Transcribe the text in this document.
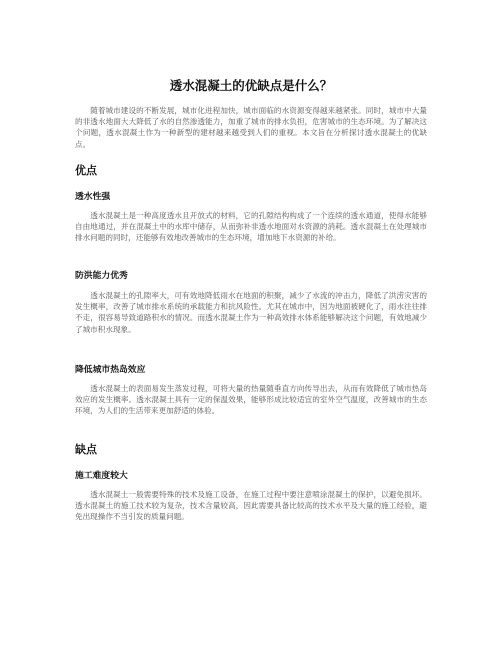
透水混凝土的优缺点是什么？

随着城市建设的不断发展，城市化进程加快，城市面临的水资源变得越来越紧张。同时，城市中大量的非透水地面大大降低了水的自然渗透能力，加重了城市的排水负担，危害城市的生态环境。为了解决这个问题，透水混凝土作为一种新型的建材越来越受到人们的重视。本文旨在分析探讨透水混凝土的优缺点。

优点
透水性强

透水混凝土是一种高度透水且开放式的材料，它的孔隙结构构成了一个连续的透水通道，使得水能够自由地通过，并在混凝土中的水库中储存，从而弥补非透水地面对水资源的消耗。透水混凝土在处理城市排水问题的同时，还能够有效地改善城市的生态环境，增加地下水资源的补给。

防洪能力优秀

透水混凝土的孔隙率大，可有效地降低雨水在地面的积聚，减少了水流的冲击力，降低了洪涝灾害的发生概率，改善了城市排水系统的承载能力和抗风险性。尤其在城市中，因为地面被硬化了，雨水往往排不走，很容易导致道路积水的情况。而透水混凝土作为一种高效排水体系能够解决这个问题，有效地减少了城市积水现象。

降低城市热岛效应

透水混凝土的表面易发生蒸发过程，可将大量的热量随垂直方向传导出去，从而有效降低了城市热岛效应的发生概率。透水混凝土具有一定的保温效果，能够形成比较适宜的室外空气温度，改善城市的生态环境，为人们的生活带来更加舒适的体验。

缺点
施工难度较大

透水混凝土一般需要特殊的技术及施工设备，在施工过程中要注意喷涂混凝土的保护，以避免损坏。透水混凝土的施工技术较为复杂，技术含量较高，因此需要具备比较高的技术水平及大量的施工经验，避免出现操作不当引发的质量问题。
